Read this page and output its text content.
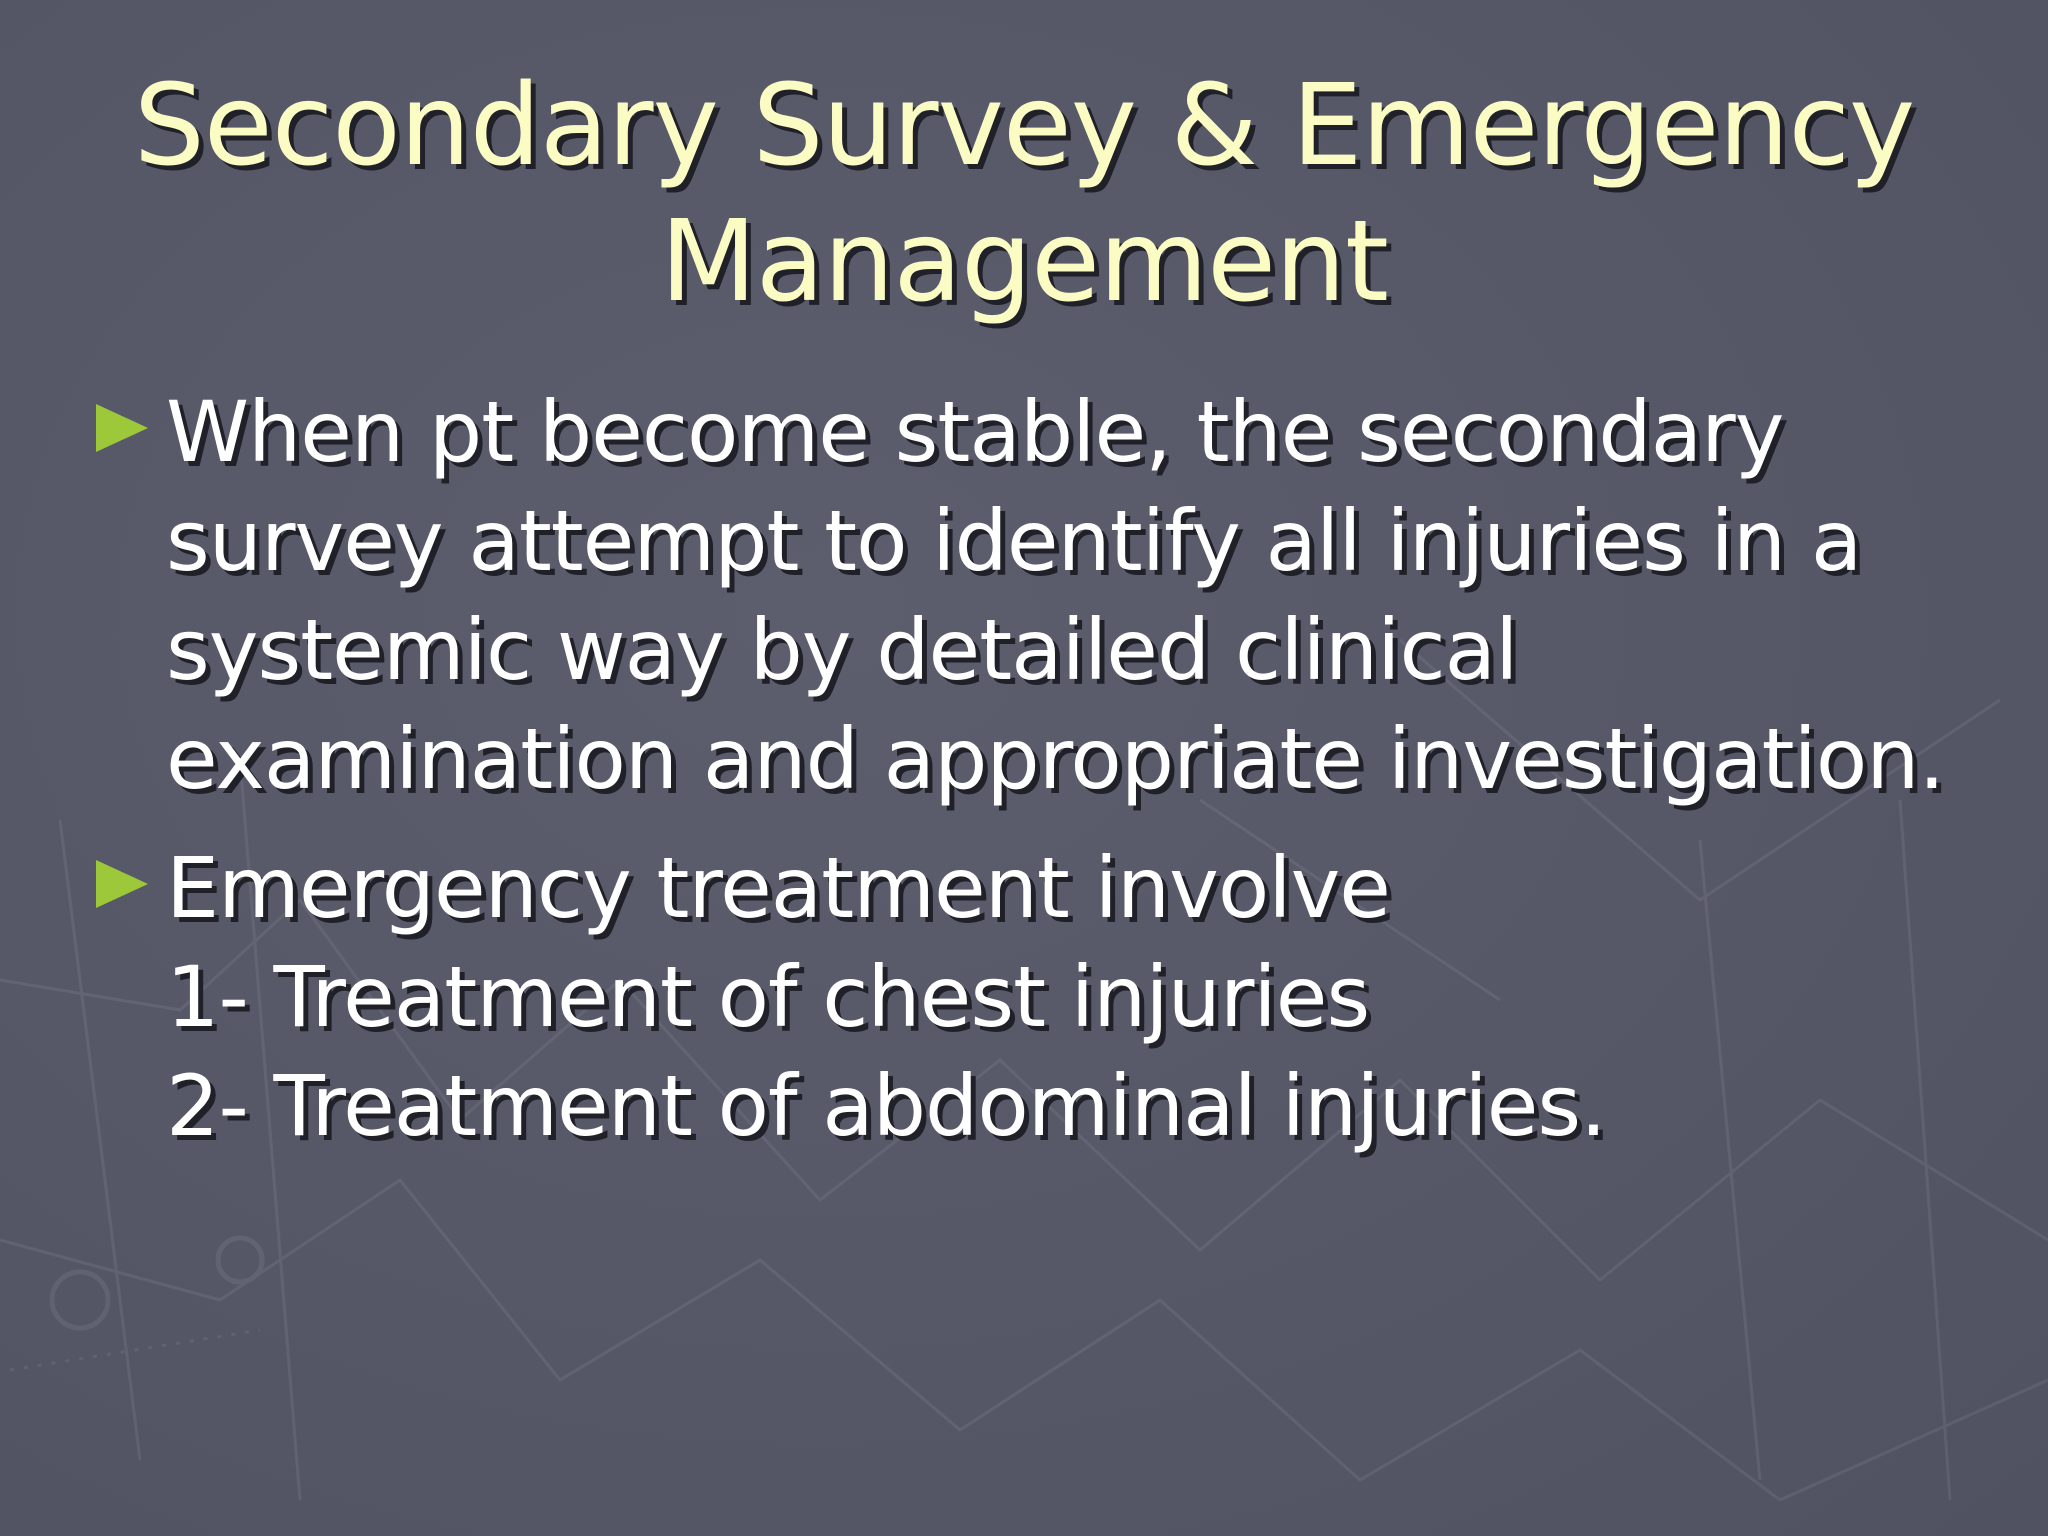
Secondary Survey & Emergency
Management
When pt become stable, the secondary
survey attempt to identify all injuries in a
systemic way by detailed clinical
examination and appropriate investigation.
Emergency treatment involve
1- Treatment of chest injuries
2- Treatment of abdominal injuries.
